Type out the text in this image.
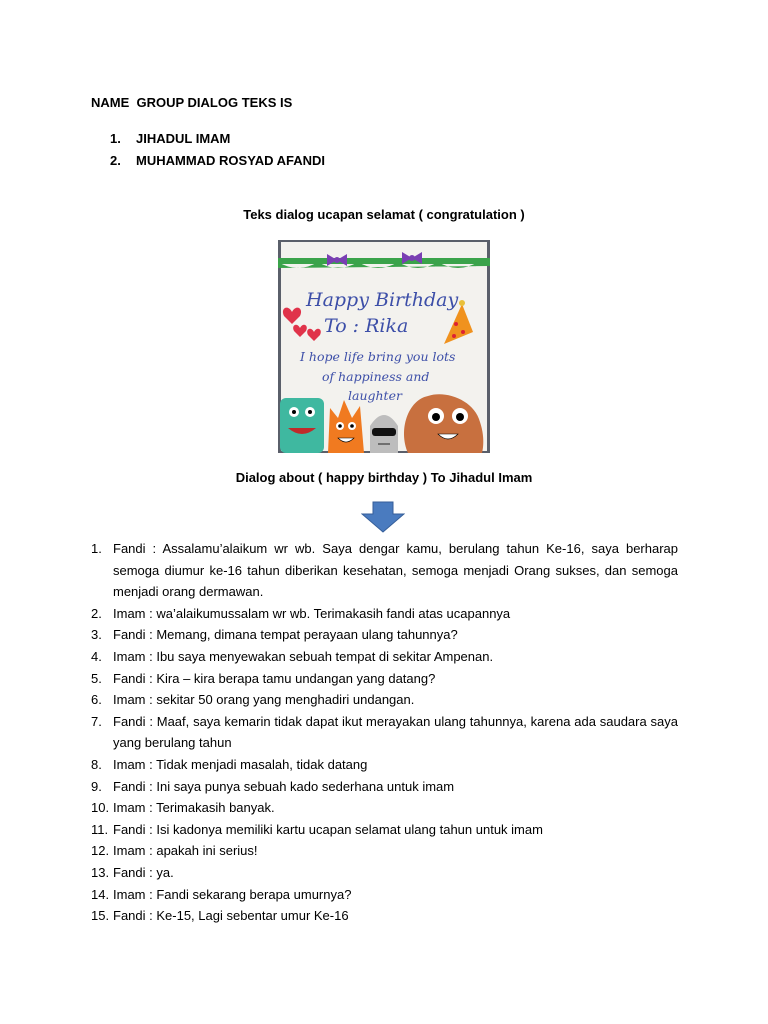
NAME  GROUP DIALOG TEKS IS
1. JIHADUL IMAM
2. MUHAMMAD ROSYAD AFANDI
Teks dialog ucapan selamat ( congratulation )
Happy Birthday
To : Rika
I hope life bring you lots
of happiness and
laughter
Dialog about ( happy birthday ) To Jihadul Imam
1. Fandi : Assalamu’alaikum wr wb. Saya dengar kamu, berulang tahun Ke-16, saya berharap semoga diumur ke-16 tahun diberikan kesehatan, semoga menjadi Orang sukses, dan semoga menjadi orang dermawan.
2. Imam : wa’alaikumussalam wr wb. Terimakasih fandi atas ucapannya
3. Fandi : Memang, dimana tempat perayaan ulang tahunnya?
4. Imam : Ibu saya menyewakan sebuah tempat di sekitar Ampenan.
5. Fandi : Kira – kira berapa tamu undangan yang datang?
6. Imam : sekitar 50 orang yang menghadiri undangan.
7. Fandi : Maaf, saya kemarin tidak dapat ikut merayakan ulang tahunnya, karena ada saudara saya yang berulang tahun
8. Imam : Tidak menjadi masalah, tidak datang
9. Fandi : Ini saya punya sebuah kado sederhana untuk imam
10. Imam : Terimakasih banyak.
11. Fandi : Isi kadonya memiliki kartu ucapan selamat ulang tahun untuk imam
12. Imam : apakah ini serius!
13. Fandi : ya.
14. Imam : Fandi sekarang berapa umurnya?
15. Fandi : Ke-15, Lagi sebentar umur Ke-16
